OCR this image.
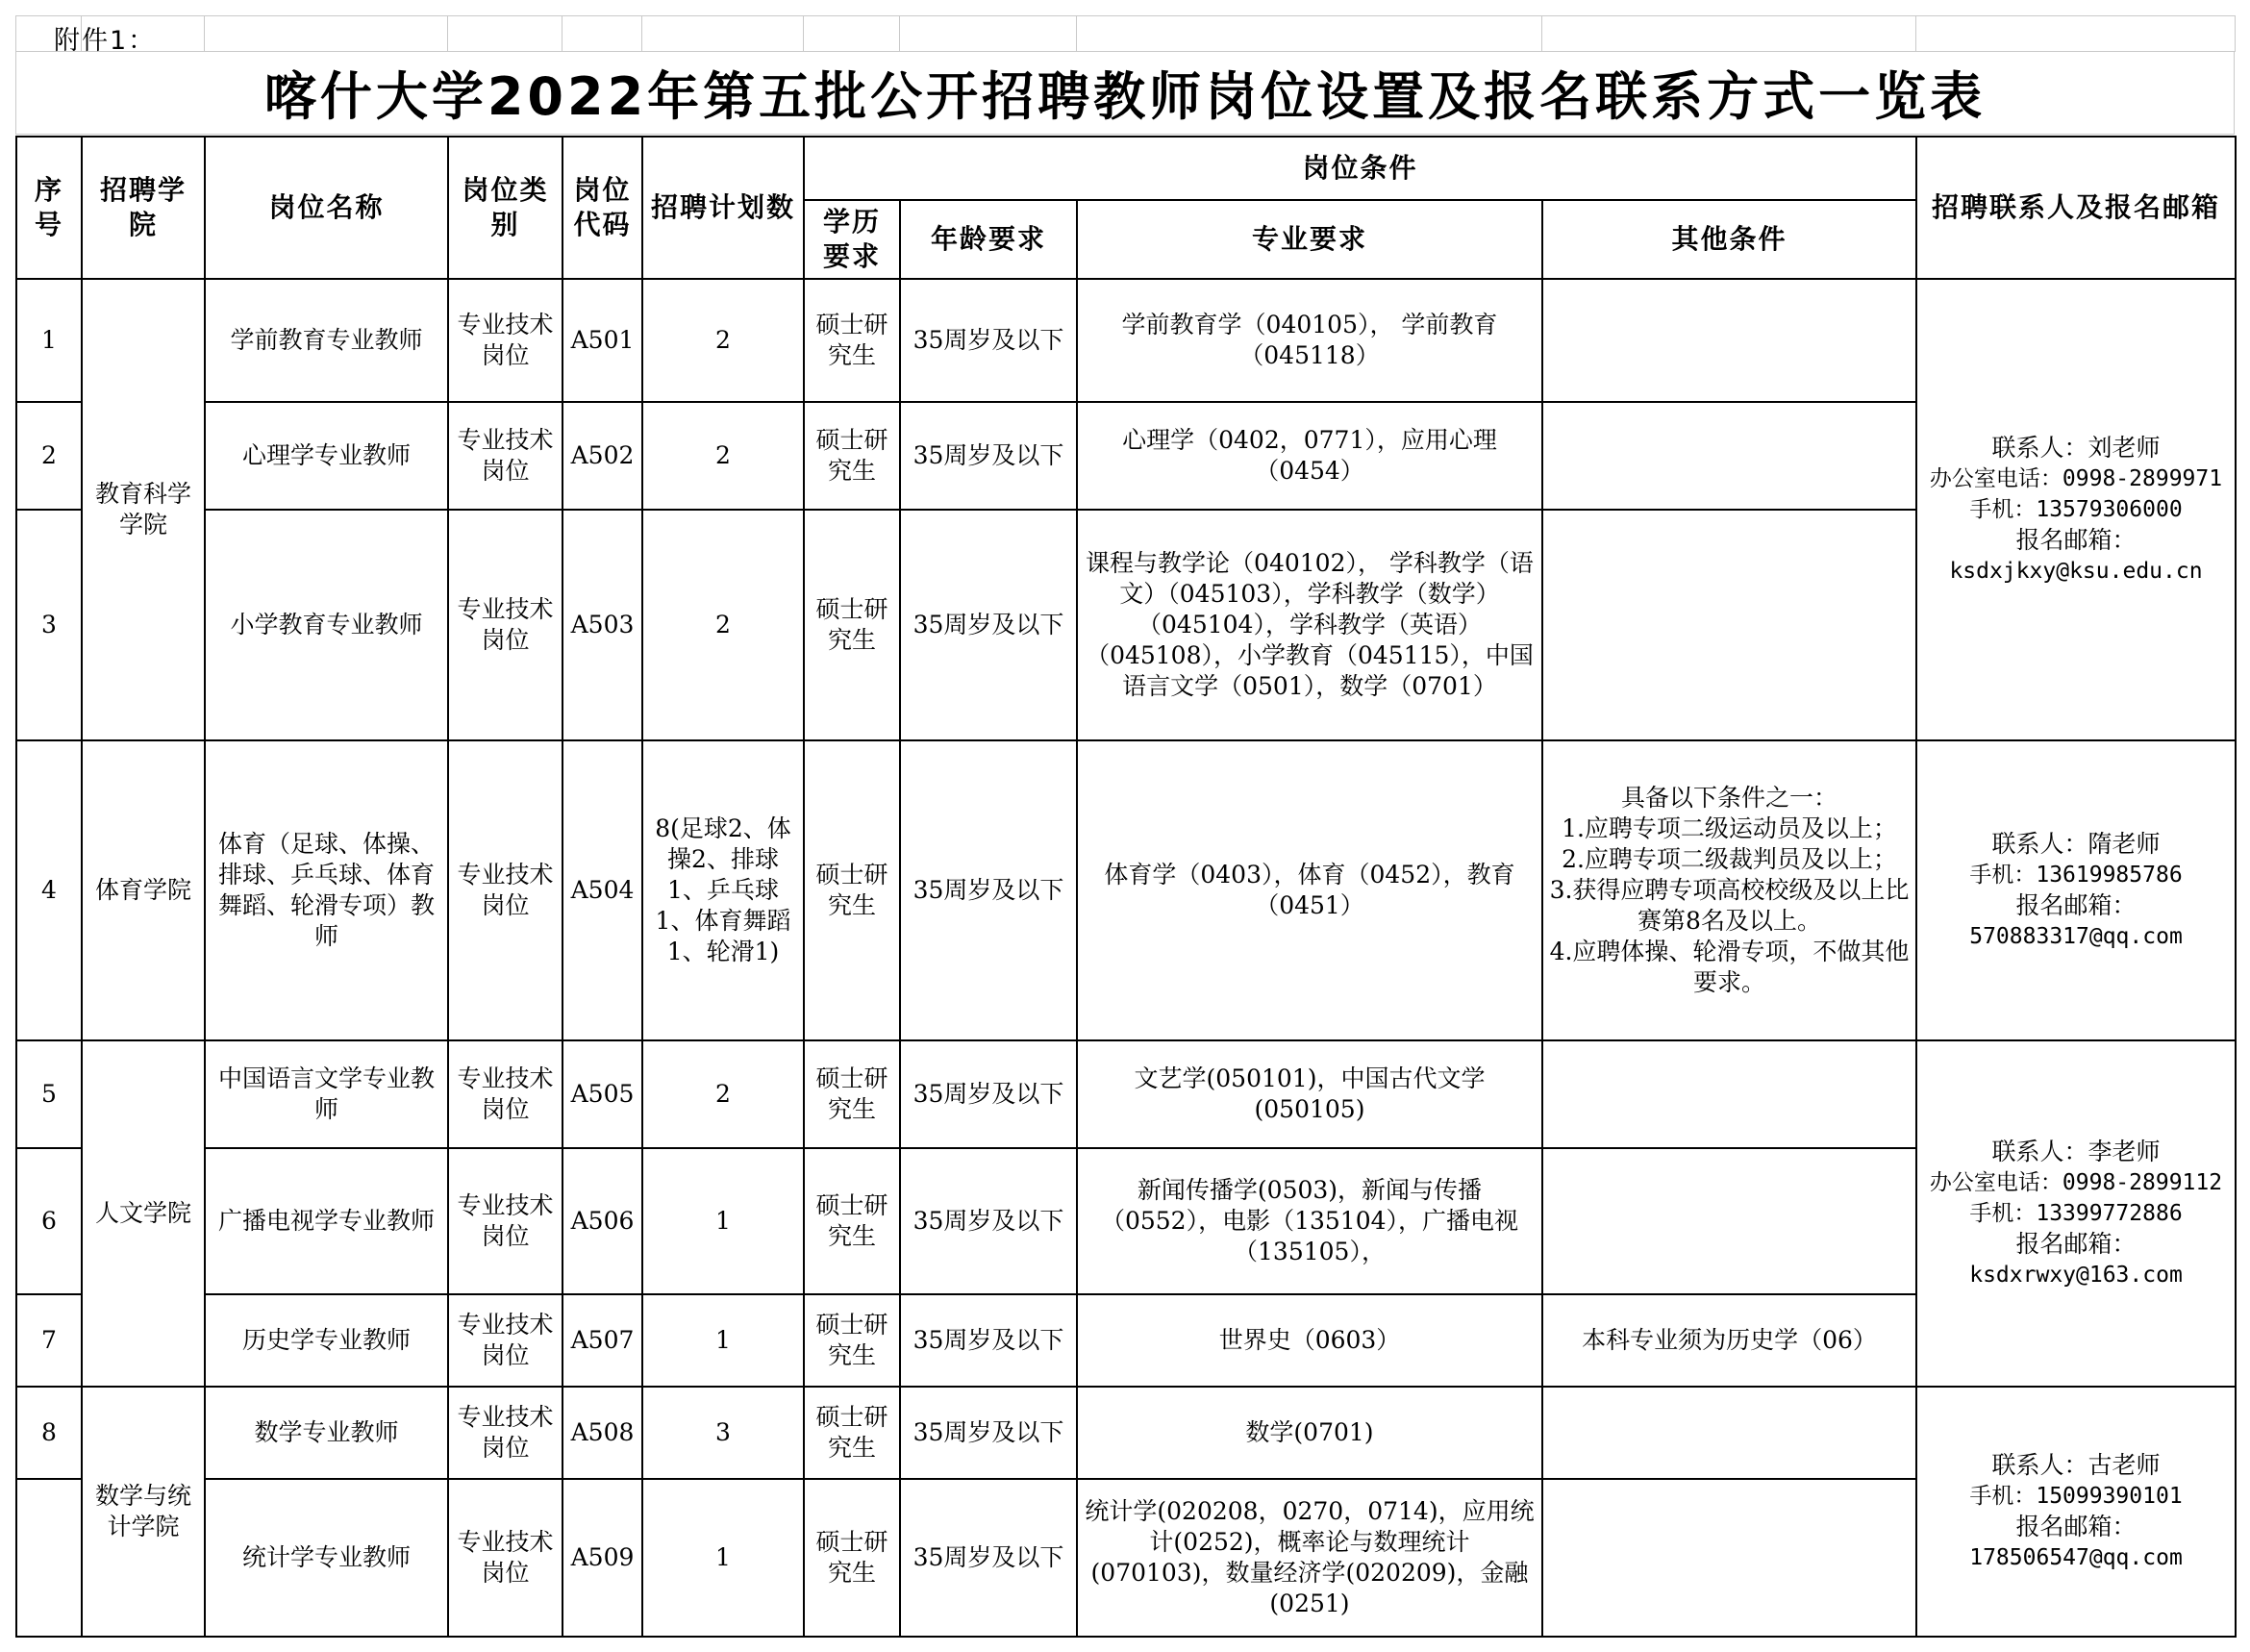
附件1：
喀什大学2022年第五批公开招聘教师岗位设置及报名联系方式一览表
序号	招聘学院	岗位名称	岗位类别	岗位代码	招聘计划数	岗位条件				招聘联系人及报名邮箱
						学历要求	年龄要求	专业要求	其他条件	
1	教育科学学院	学前教育专业教师	专业技术岗位	A501	2	硕士研究生	35周岁及以下	学前教育学（040105）， 学前教育（045118）		联系人：刘老师
办公室电话：0998-2899971
手机：13579306000
报名邮箱：
ksdxjkxy@ksu.edu.cn

2		心理学专业教师	专业技术岗位	A502	2	硕士研究生	35周岁及以下	心理学（0402，0771），应用心理（0454）		
3		小学教育专业教师	专业技术岗位	A503	2	硕士研究生	35周岁及以下	课程与教学论（040102）， 学科教学（语文）（045103），学科教学（数学）（045104），学科教学（英语）（045108），小学教育（045115），中国语言文学（0501），数学（0701）		
4	体育学院	体育（足球、体操、排球、乒乓球、体育舞蹈、轮滑专项）教师	专业技术岗位	A504	8(足球2、体操2、排球1、乒乓球1、体育舞蹈1、轮滑1)	硕士研究生	35周岁及以下	体育学（0403），体育（0452），教育（0451）	具备以下条件之一：
1.应聘专项二级运动员及以上；
2.应聘专项二级裁判员及以上；
3.获得应聘专项高校校级及以上比赛第8名及以上。
4.应聘体操、轮滑专项，不做其他要求。	联系人：隋老师
手机：13619985786
报名邮箱：
570883317@qq.com

5	人文学院	中国语言文学专业教师	专业技术岗位	A505	2	硕士研究生	35周岁及以下	文艺学(050101)，中国古代文学(050105)		联系人：李老师
办公室电话：0998-2899112
手机：13399772886
报名邮箱：
ksdxrwxy@163.com

6		广播电视学专业教师	专业技术岗位	A506	1	硕士研究生	35周岁及以下	新闻传播学(0503)，新闻与传播（0552），电影（135104），广播电视（135105），		
7		历史学专业教师	专业技术岗位	A507	1	硕士研究生	35周岁及以下	世界史（0603）	本科专业须为历史学（06）	
8	数学与统计学院	数学专业教师	专业技术岗位	A508	3	硕士研究生	35周岁及以下	数学(0701)		联系人：古老师
手机：15099390101
报名邮箱：
178506547@qq.com

		统计学专业教师	专业技术岗位	A509	1	硕士研究生	35周岁及以下	统计学(020208，0270，0714)，应用统计(0252)，概率论与数理统计(070103)，数量经济学(020209)，金融(0251)		
